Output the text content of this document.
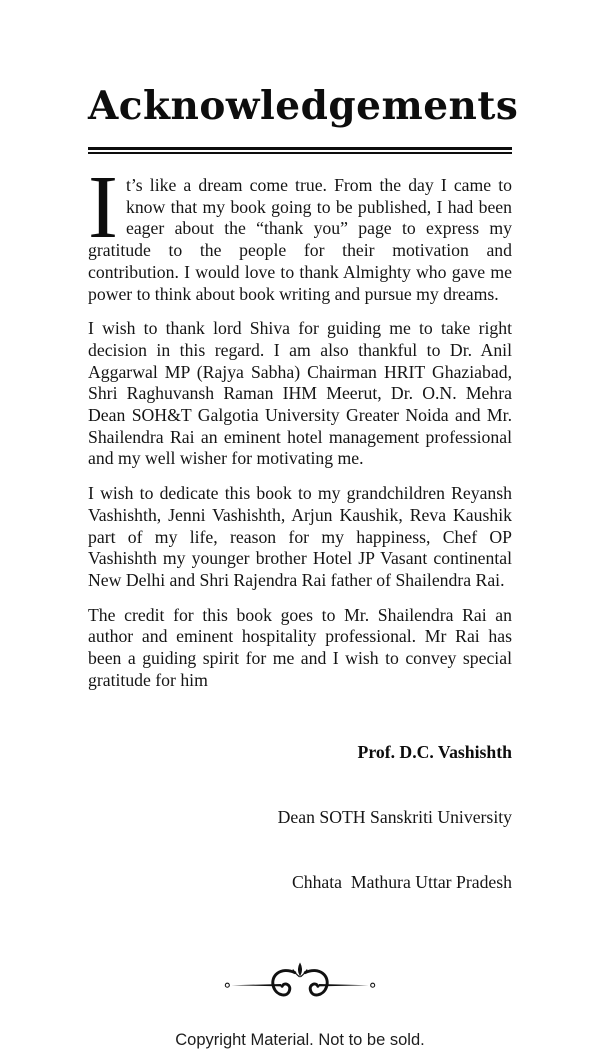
Acknowledgements

It’s like a dream come true. From the day I came to know that my book going to be published, I had been eager about the “thank you” page to express my gratitude to the people for their motivation and contribution. I would love to thank Almighty who gave me power to think about book writing and pursue my dreams.

I wish to thank lord Shiva for guiding me to take right decision in this regard. I am also thankful to Dr. Anil Aggarwal MP (Rajya Sabha) Chairman HRIT Ghaziabad, Shri Raghuvansh Raman IHM Meerut, Dr. O.N. Mehra Dean SOH&T Galgotia University Greater Noida and Mr. Shailendra Rai an eminent hotel management professional and my well wisher for motivating me.

I wish to dedicate this book to my grandchildren Reyansh Vashishth, Jenni Vashishth, Arjun Kaushik, Reva Kaushik part of my life, reason for my happiness, Chef OP Vashishth my younger brother Hotel JP Vasant continental New Delhi and Shri Rajendra Rai father of Shailendra Rai.

The credit for this book goes to Mr. Shailendra Rai an author and eminent hospitality professional. Mr Rai has been a guiding spirit for me and I wish to convey special gratitude for him

Prof. D.C. Vashishth

Dean SOTH Sanskriti University

Chhata  Mathura Uttar Pradesh

Copyright Material. Not to be sold.
